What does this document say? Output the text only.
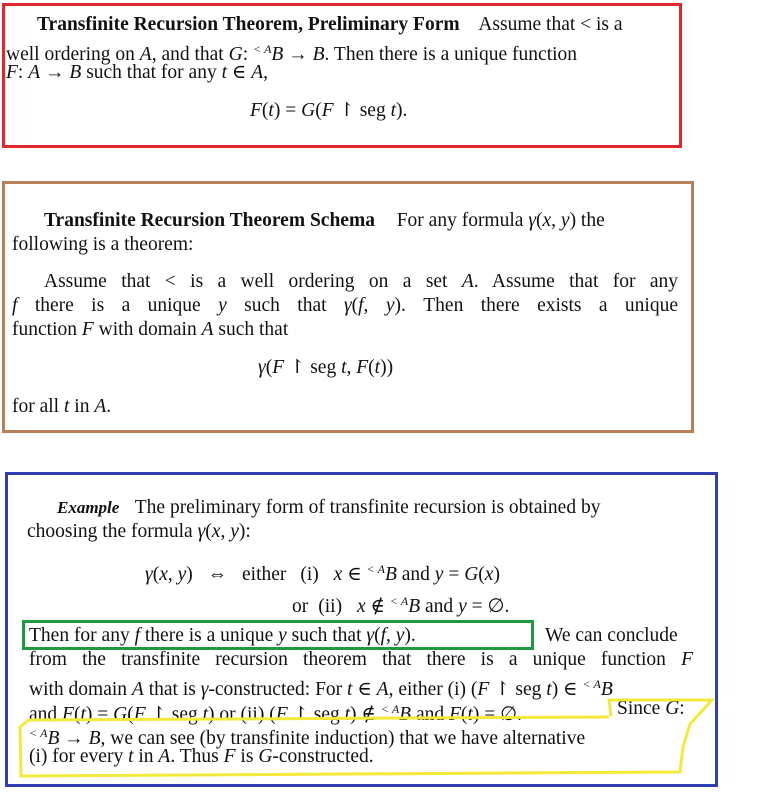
Transfinite Recursion Theorem, Preliminary Form Assume that < is a
well ordering on A, and that G: $^{< A}$B → B. Then there is a unique function
F: A → B such that for any t ∈ A,
F(t) = G(F ↾ seg t).
Transfinite Recursion Theorem Schema For any formula γ(x, y) the
following is a theorem:
Assume that < is a well ordering on a set A. Assume that for any
f there is a unique y such that γ(f, y). Then there exists a unique
function F with domain A such that
γ(F ↾ seg t, F(t))
for all t in A.
Example The preliminary form of transfinite recursion is obtained by
choosing the formula γ(x, y):
γ(x, y) ⇔ either (i) x ∈ $^{< A}$B and y = G(x)
or (ii) x ∉ $^{< A}$B and y = ∅.
Then for any f there is a unique y such that γ(f, y).	We can conclude
from the transfinite recursion theorem that there is a unique function F
with domain A that is γ-constructed: For t ∈ A, either (i) (F ↾ seg t) ∈ $^{< A}$B
and F(t) = G(F ↾ seg t) or (ii) (F ↾ seg t) ∉ $^{< A}$B and F(t) = ∅.	Since G:
$^{< A}$B → B, we can see (by transfinite induction) that we have alternative
(i) for every t in A. Thus F is G-constructed.
